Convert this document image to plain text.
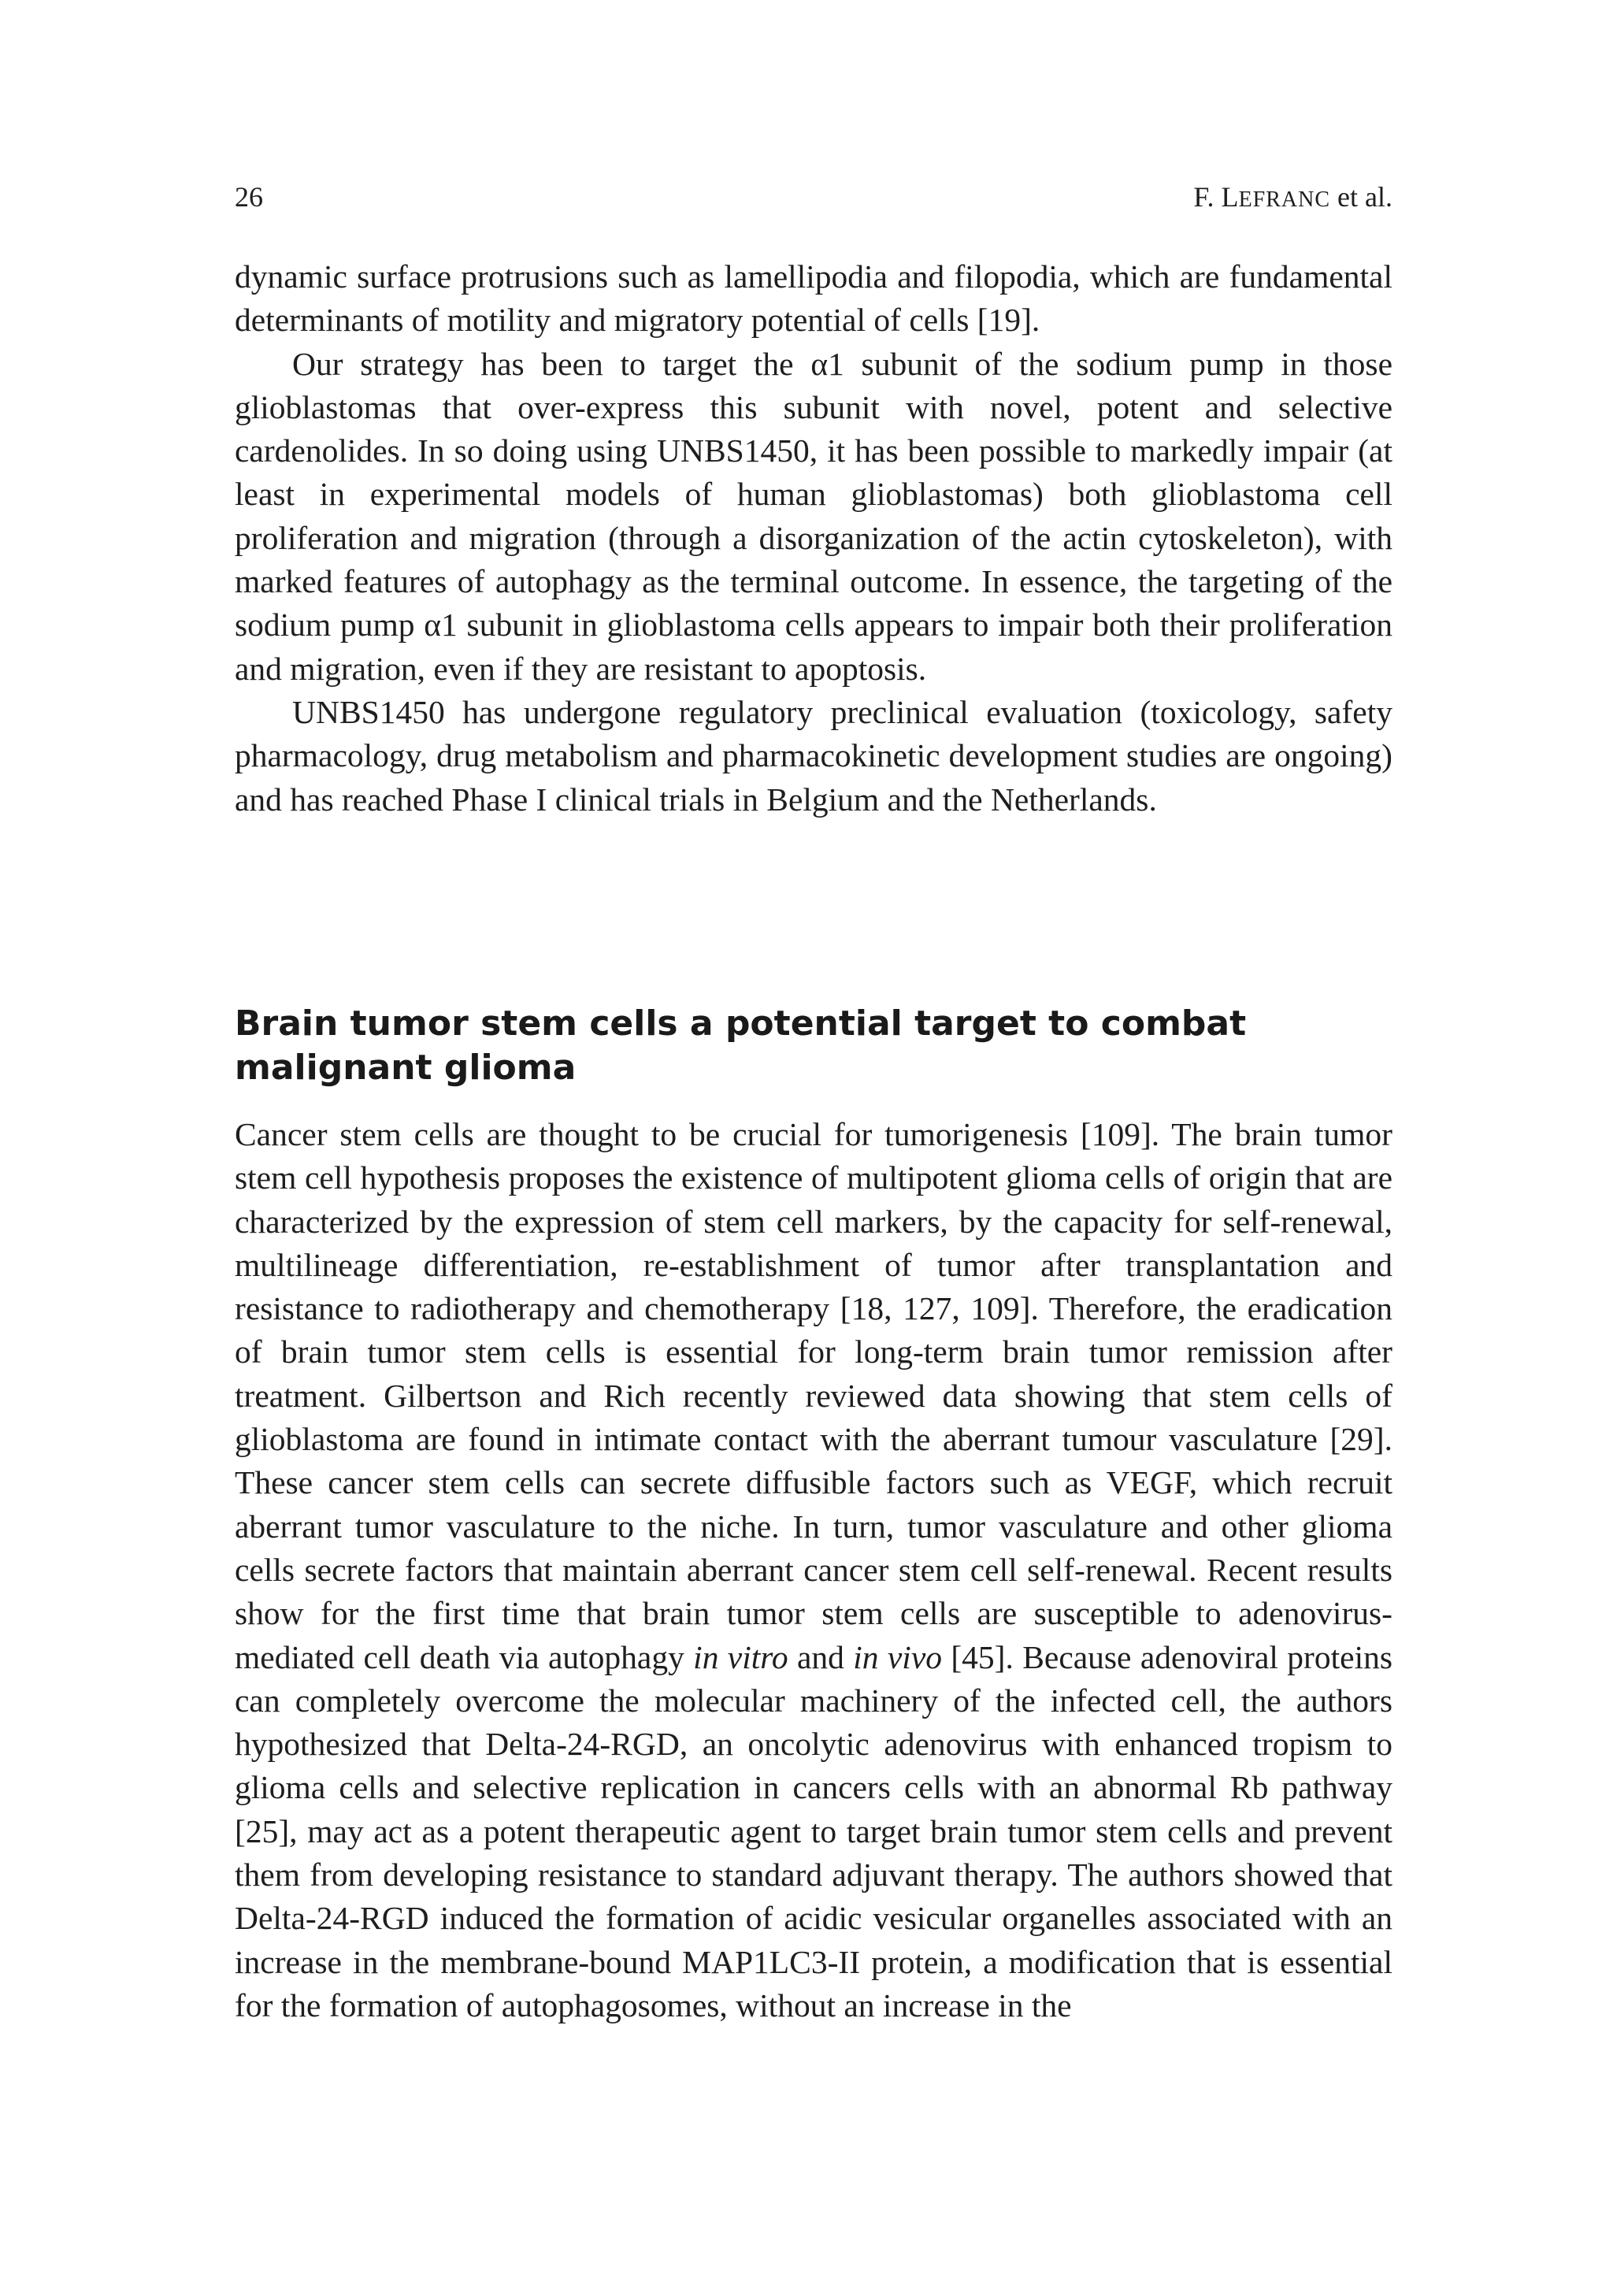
26	F. LEFRANC et al.

dynamic surface protrusions such as lamellipodia and filopodia, which are fundamental determinants of motility and migratory potential of cells [19].

Our strategy has been to target the α1 subunit of the sodium pump in those glioblastomas that over-express this subunit with novel, potent and selective cardenolides. In so doing using UNBS1450, it has been possible to markedly impair (at least in experimental models of human glioblastomas) both glioblastoma cell proliferation and migration (through a disorganization of the actin cytoskeleton), with marked features of autophagy as the terminal outcome. In essence, the targeting of the sodium pump α1 subunit in glioblastoma cells appears to impair both their proliferation and migration, even if they are resistant to apoptosis.

UNBS1450 has undergone regulatory preclinical evaluation (toxicology, safety pharmacology, drug metabolism and pharmacokinetic development studies are ongoing) and has reached Phase I clinical trials in Belgium and the Netherlands.

Brain tumor stem cells a potential target to combat malignant glioma

Cancer stem cells are thought to be crucial for tumorigenesis [109]. The brain tumor stem cell hypothesis proposes the existence of multipotent glioma cells of origin that are characterized by the expression of stem cell markers, by the capacity for self-renewal, multilineage differentiation, re-establishment of tumor after transplantation and resistance to radiotherapy and chemotherapy [18, 127, 109]. Therefore, the eradication of brain tumor stem cells is essential for long-term brain tumor remission after treatment. Gilbertson and Rich recently reviewed data showing that stem cells of glioblastoma are found in intimate contact with the aberrant tumour vasculature [29]. These cancer stem cells can secrete diffusible factors such as VEGF, which recruit aberrant tumor vasculature to the niche. In turn, tumor vasculature and other glioma cells secrete factors that maintain aberrant cancer stem cell self-renewal. Recent results show for the first time that brain tumor stem cells are susceptible to adenovirus-mediated cell death via autophagy in vitro and in vivo [45]. Because adenoviral proteins can completely overcome the molecular machinery of the infected cell, the authors hypothesized that Delta-24-RGD, an oncolytic adenovirus with enhanced tropism to glioma cells and selective replication in cancers cells with an abnormal Rb pathway [25], may act as a potent therapeutic agent to target brain tumor stem cells and prevent them from developing resistance to standard adjuvant therapy. The authors showed that Delta-24-RGD induced the formation of acidic vesicular organelles associated with an increase in the membrane-bound MAP1LC3-II protein, a modification that is essential for the formation of autophagosomes, without an increase in the
